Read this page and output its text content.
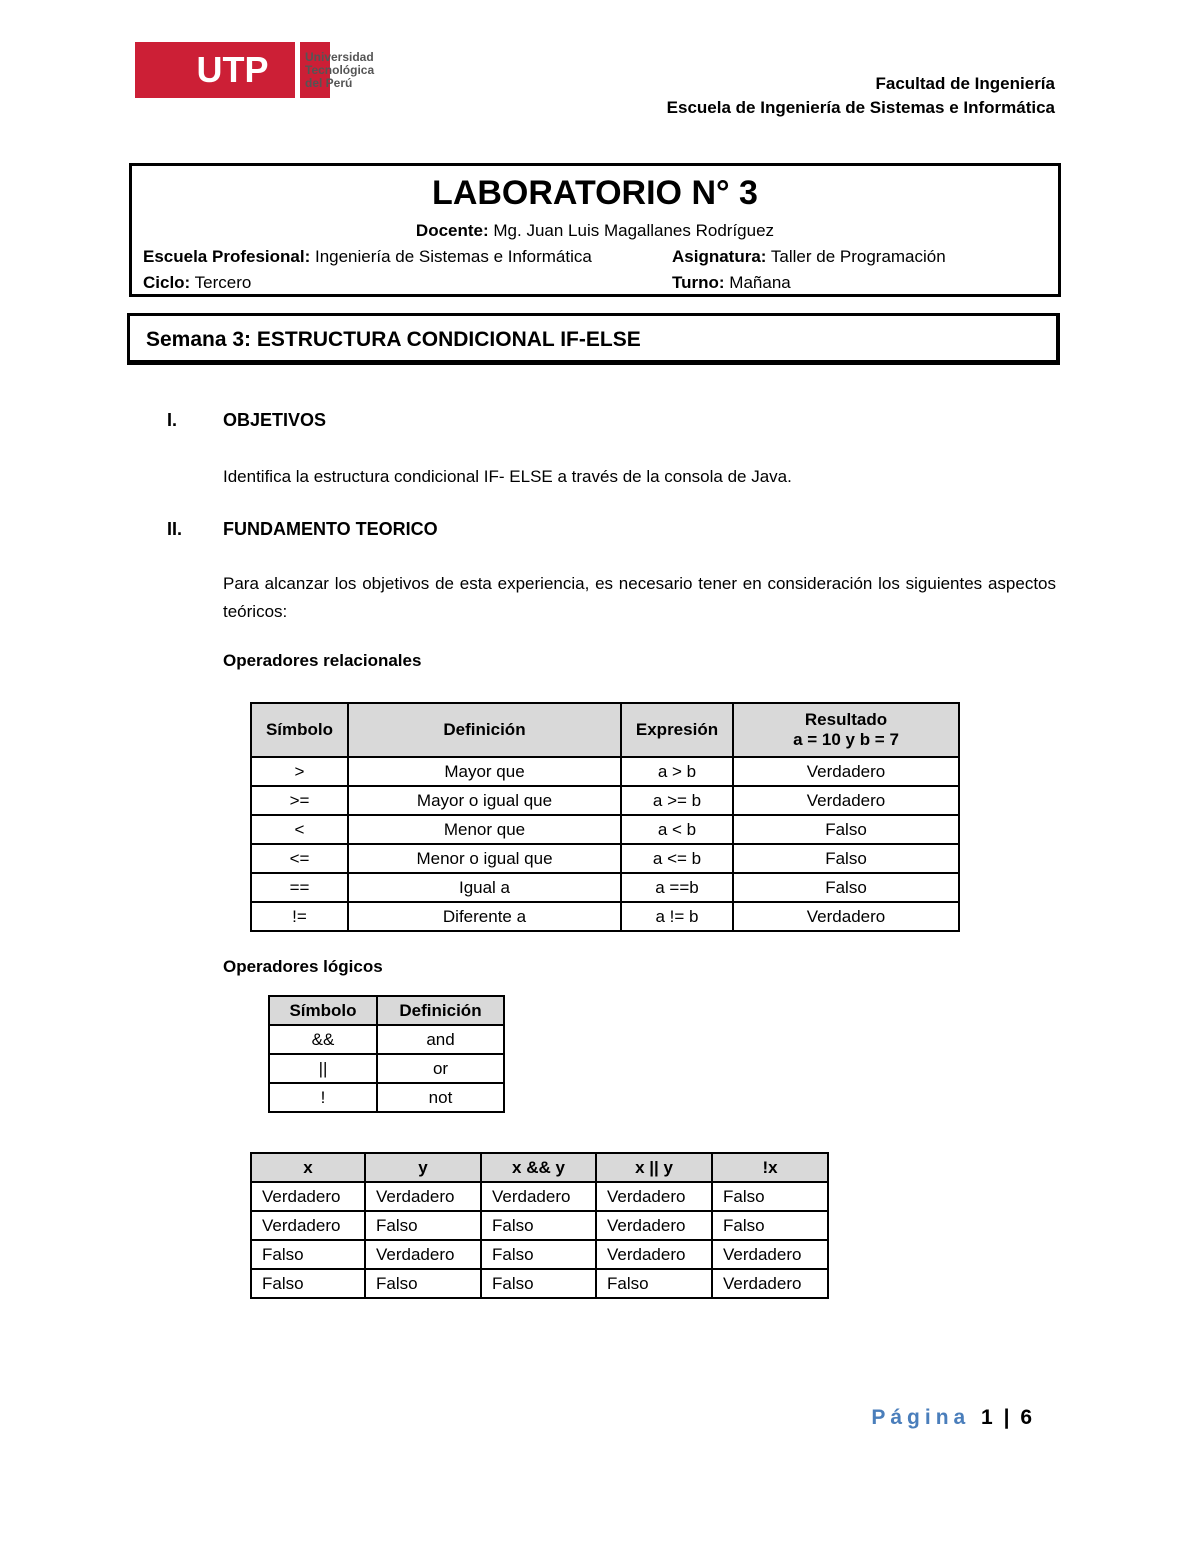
UTP	Universidad
Tecnológica
del Perú	Facultad de Ingeniería
Escuela de Ingeniería de Sistemas e Informática
LABORATORIO N° 3
Docente: Mg. Juan Luis Magallanes Rodríguez
Escuela Profesional: Ingeniería de Sistemas e Informática	Asignatura: Taller de Programación
Ciclo: Tercero	Turno: Mañana
Semana 3: ESTRUCTURA CONDICIONAL IF-ELSE
I.	OBJETIVOS
Identifica la estructura condicional IF- ELSE a través de la consola de Java.
II. FUNDAMENTO TEORICO
Para alcanzar los objetivos de esta experiencia, es necesario tener en consideración los siguientes aspectos teóricos:
Operadores relacionales
Símbolo	Definición	Expresión	Resultado
a = 10 y b = 7

>	Mayor que	a > b	Verdadero
>=	Mayor o igual que	a >= b	Verdadero
<	Menor que	a < b	Falso
<=	Menor o igual que	a <= b	Falso
==	Igual a	a ==b	Falso
!=	Diferente a	a != b	Verdadero
Operadores lógicos
Símbolo	Definición
&&	and
||	or
!	not
x	y	x && y	x || y	!x
Verdadero	Verdadero	Verdadero	Verdadero	Falso
Verdadero	Falso	Falso	Verdadero	Falso
Falso	Verdadero	Falso	Verdadero	Verdadero
Falso	Falso	Falso	Falso	Verdadero
Página 1 | 6
